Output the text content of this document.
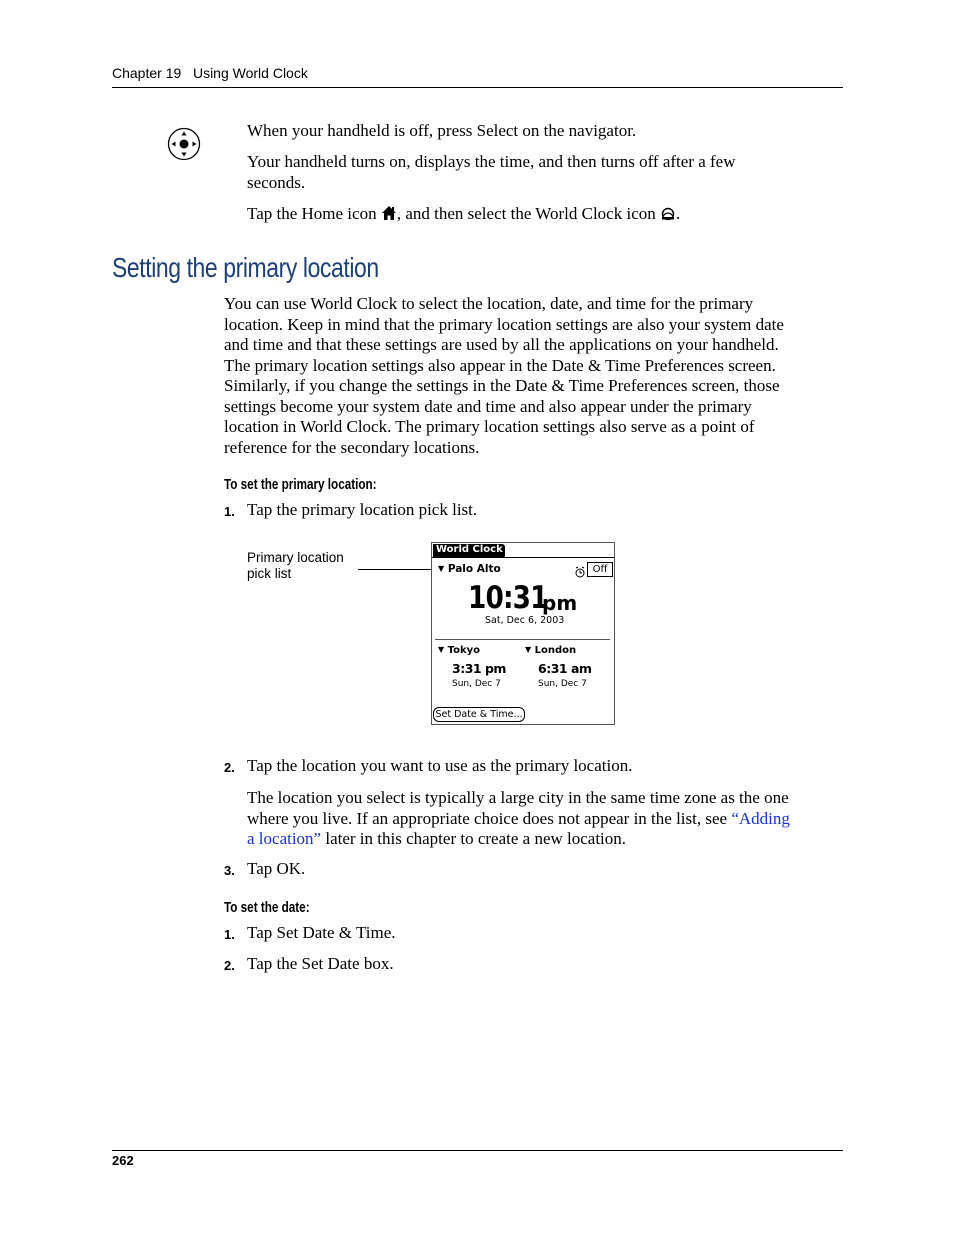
Chapter 19 Using World Clock
When your handheld is off, press Select on the navigator.
Your handheld turns on, displays the time, and then turns off after a few
seconds.
Tap the Home icon , and then select the World Clock icon .
Setting the primary location
You can use World Clock to select the location, date, and time for the primary
location. Keep in mind that the primary location settings are also your system date
and time and that these settings are used by all the applications on your handheld.
The primary location settings also appear in the Date & Time Preferences screen.
Similarly, if you change the settings in the Date & Time Preferences screen, those
settings become your system date and time and also appear under the primary
location in World Clock. The primary location settings also serve as a point of
reference for the secondary locations.
To set the primary location:
1. Tap the primary location pick list.
Primary location
pick list
World Clock
▼ Palo Alto	Off
10:31
pm
Sat, Dec 6, 2003
▼ Tokyo
3:31 pm
Sun, Dec 7
▼ London
6:31 am
Sun, Dec 7
Set Date & Time...
2. Tap the location you want to use as the primary location.
The location you select is typically a large city in the same time zone as the one
where you live. If an appropriate choice does not appear in the list, see “Adding
a location” later in this chapter to create a new location.
3. Tap OK.
To set the date:
1. Tap Set Date & Time.
2. Tap the Set Date box.
262
